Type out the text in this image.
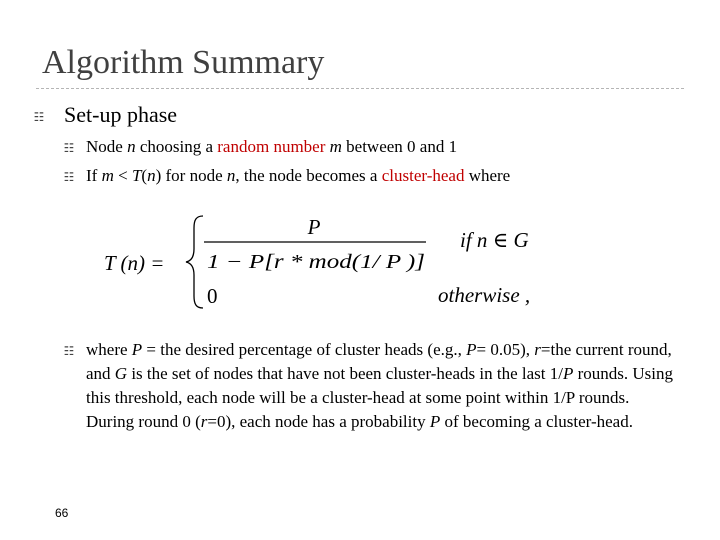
Algorithm Summary
☷ Set-up phase
☷ Node n choosing a random number m between 0 and 1
☷ If m < T(n) for node n, the node becomes a cluster-head where
T (n) =
P
1 − P[r * mod(1/ P )]
0
if n ∈ G
otherwise ,
☷ where P = the desired percentage of cluster heads (e.g., P= 0.05), r=the current round, and G is the set of nodes that have not been cluster-heads in the last 1/P rounds. Using this threshold, each node will be a cluster-head at some point within 1/P rounds. During round 0 (r=0), each node has a probability P of becoming a cluster-head.
66
